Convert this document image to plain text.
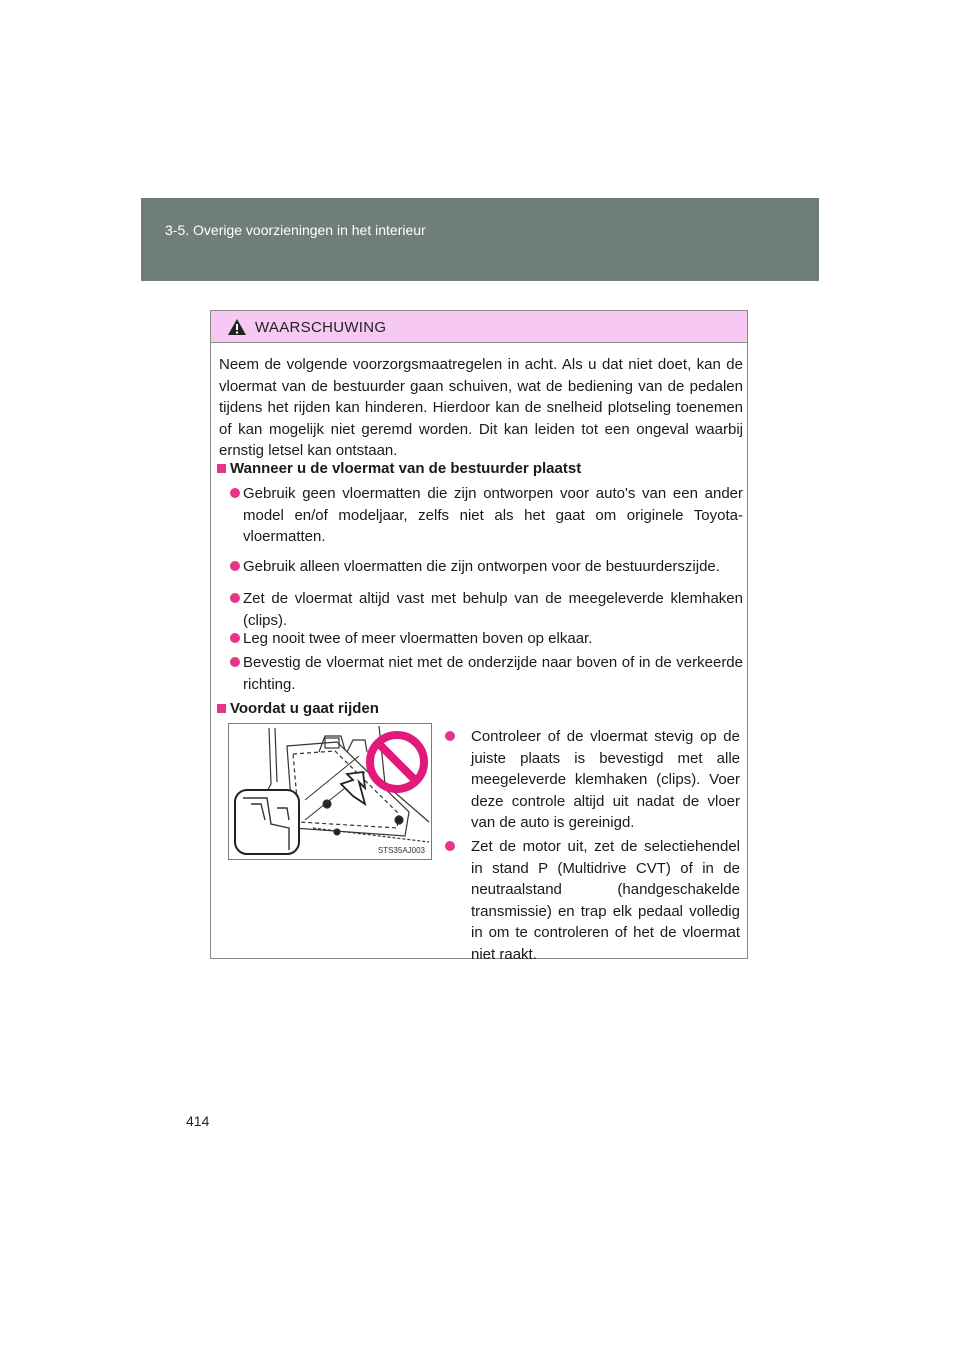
3-5. Overige voorzieningen in het interieur
WAARSCHUWING
Neem de volgende voorzorgsmaatregelen in acht. Als u dat niet doet, kan de vloermat van de bestuurder gaan schuiven, wat de bediening van de pedalen tijdens het rijden kan hinderen. Hierdoor kan de snelheid plotseling toenemen of kan mogelijk niet geremd worden. Dit kan leiden tot een ongeval waarbij ernstig letsel kan ontstaan.
Wanneer u de vloermat van de bestuurder plaatst
Gebruik geen vloermatten die zijn ontworpen voor auto's van een ander model en/of modeljaar, zelfs niet als het gaat om originele Toyota-vloermatten.
Gebruik alleen vloermatten die zijn ontworpen voor de bestuurderszijde.
Zet de vloermat altijd vast met behulp van de meegeleverde klemhaken (clips).
Leg nooit twee of meer vloermatten boven op elkaar.
Bevestig de vloermat niet met de onderzijde naar boven of in de verkeerde richting.
Voordat u gaat rijden
STS35AJ003
Controleer of de vloermat stevig op de juiste plaats is bevestigd met alle meegeleverde klemhaken (clips). Voer deze controle altijd uit nadat de vloer van de auto is gereinigd.
Zet de motor uit, zet de selectiehendel in stand P (Multidrive CVT) of in de neutraalstand (handgeschakelde transmissie) en trap elk pedaal volledig in om te controleren of het de vloermat niet raakt.
414
